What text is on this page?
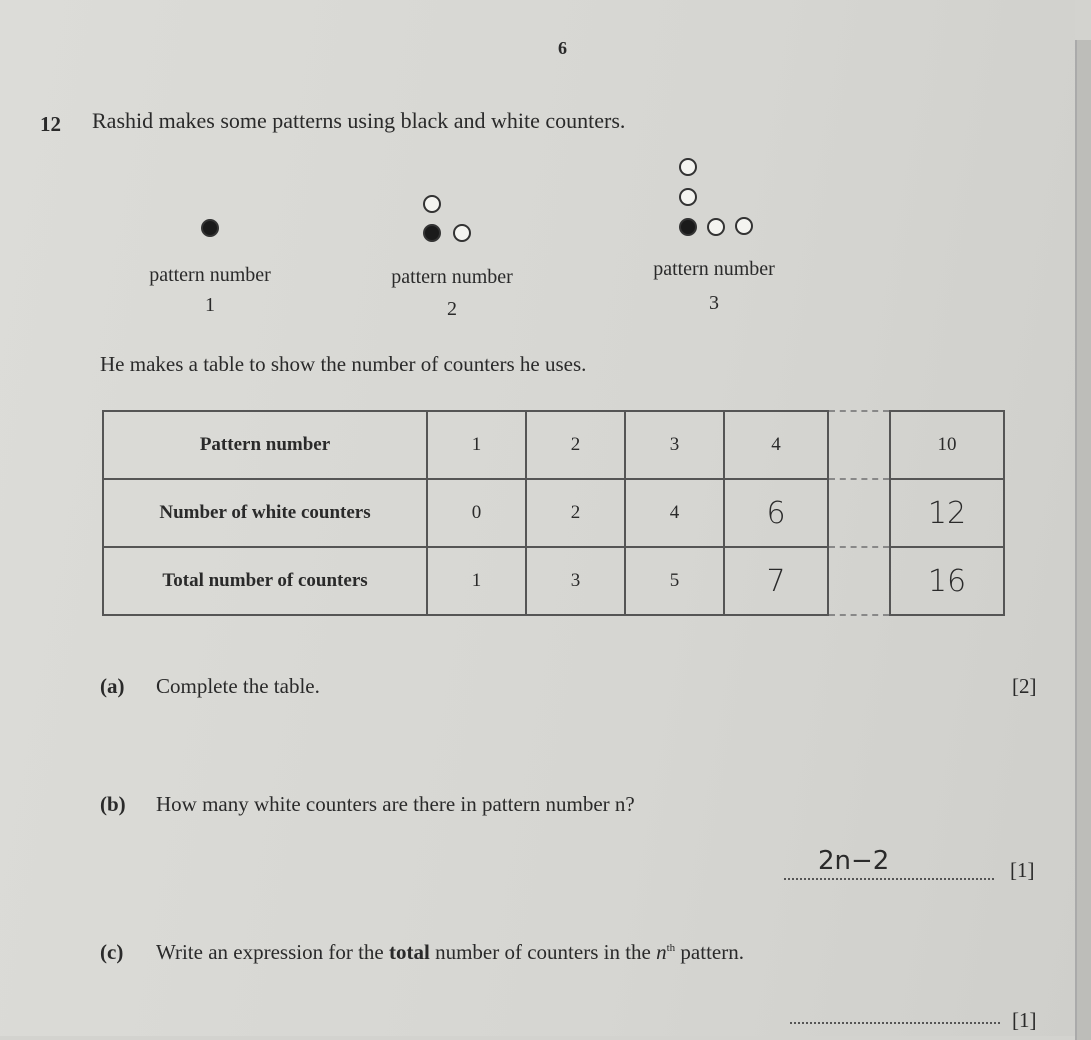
6
12 Rashid makes some patterns using black and white counters.
pattern number
1
pattern number
2
pattern number
3
He makes a table to show the number of counters he uses.
Pattern number	1	2	3	4		10
Number of white counters	0	2	4	6		12
Total number of counters	1	3	5	7		16
(a) Complete the table.	[2]
(b) How many white counters are there in pattern number n?
2n−2	[1]
(c) Write an expression for the total number of counters in the $n^{th}$ pattern.
[1]
